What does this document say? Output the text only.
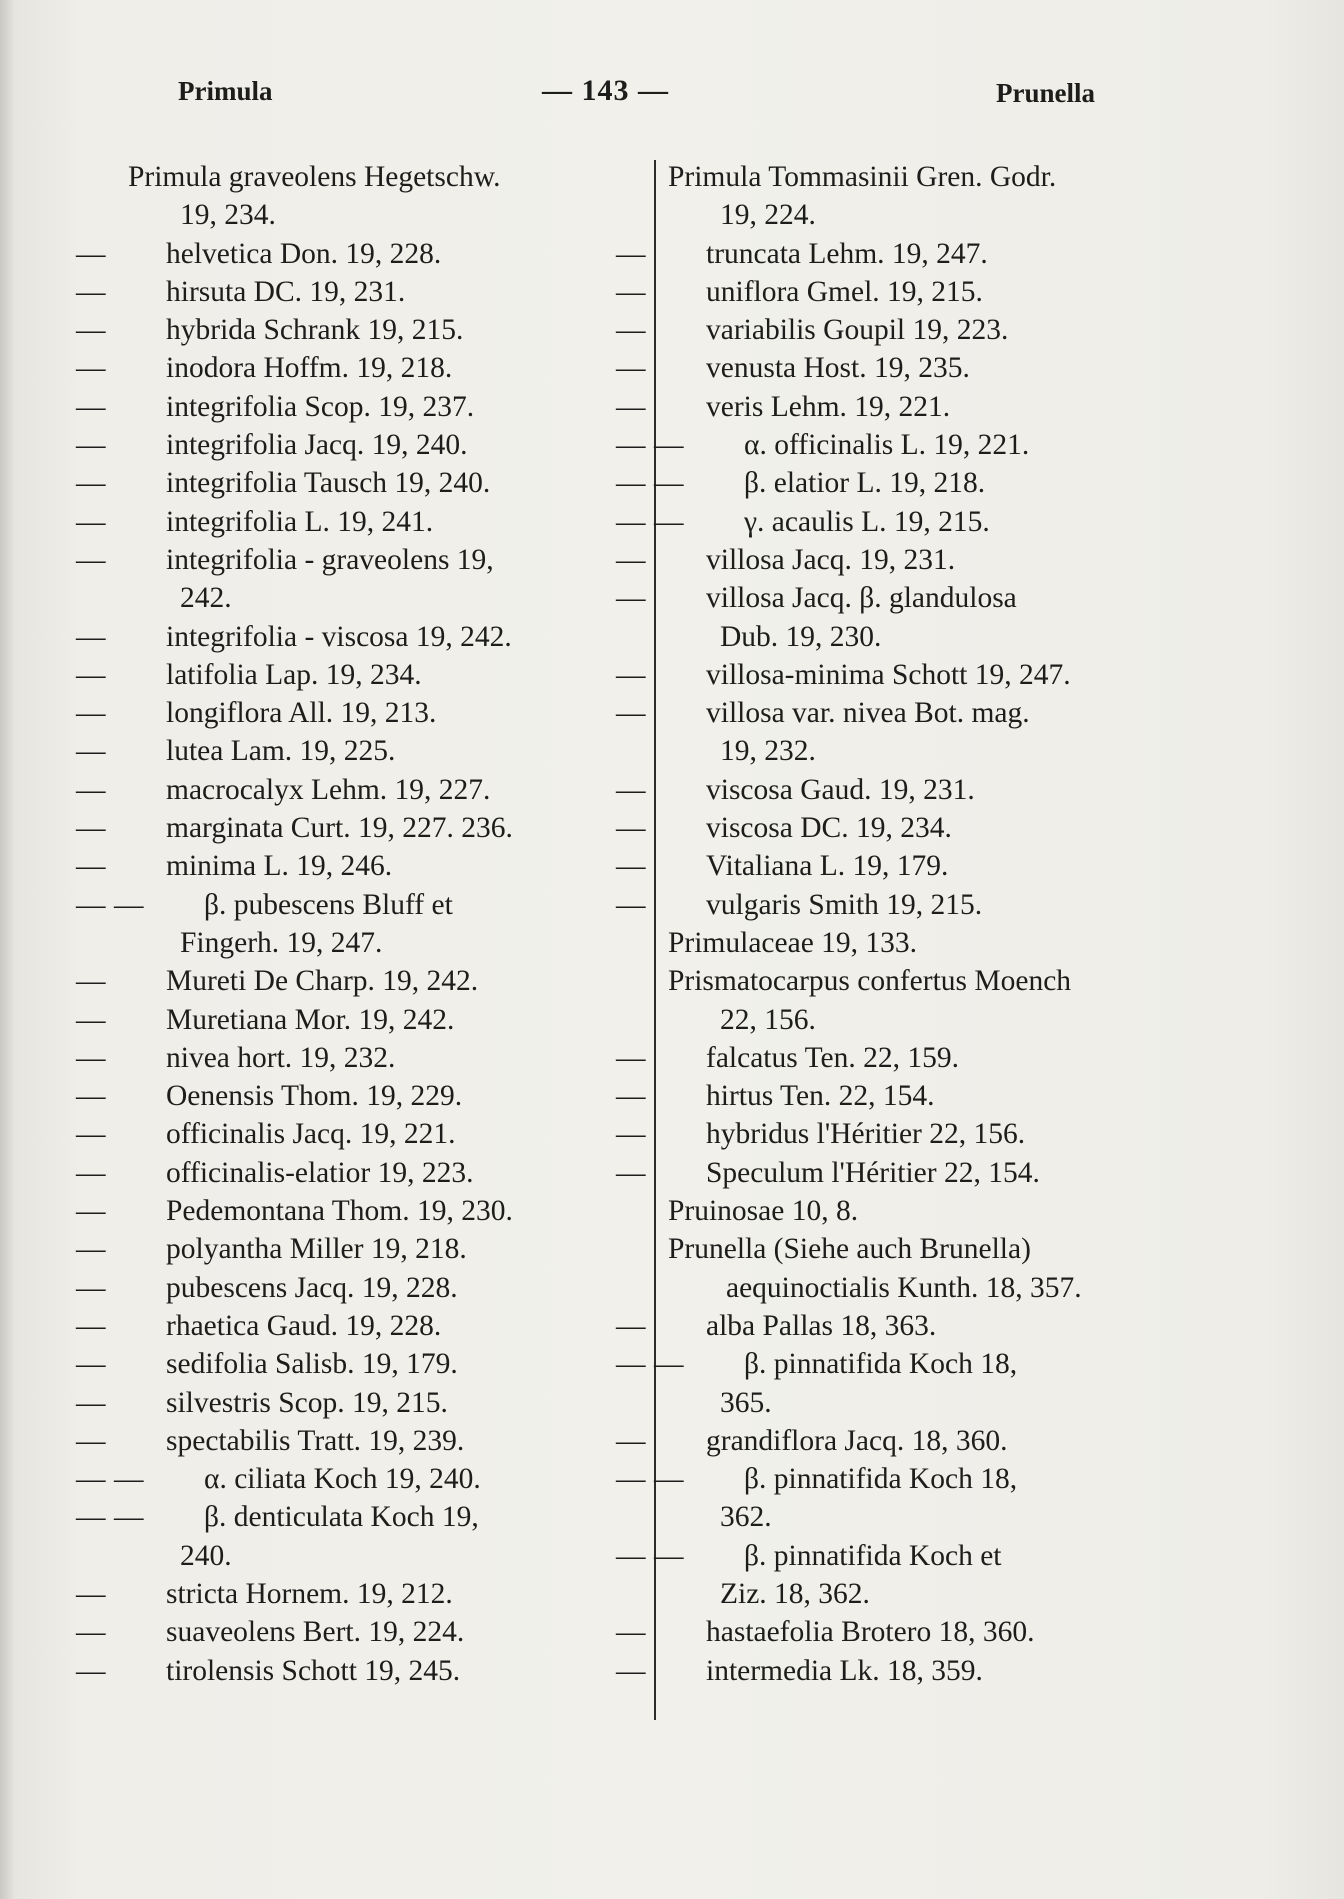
Primula	— 143 —	Prunella
Primula graveolens Hegetschw.
19, 234.
—helvetica Don. 19, 228.
—hirsuta DC. 19, 231.
—hybrida Schrank 19, 215.
—inodora Hoffm. 19, 218.
—integrifolia Scop. 19, 237.
—integrifolia Jacq. 19, 240.
—integrifolia Tausch 19, 240.
—integrifolia L. 19, 241.
—integrifolia - graveolens 19,
242.
—integrifolia - viscosa 19, 242.
—latifolia Lap. 19, 234.
—longiflora All. 19, 213.
—lutea Lam. 19, 225.
—macrocalyx Lehm. 19, 227.
—marginata Curt. 19, 227. 236.
—minima L. 19, 246.
——β. pubescens Bluff et
Fingerh. 19, 247.
—Mureti De Charp. 19, 242.
—Muretiana Mor. 19, 242.
—nivea hort. 19, 232.
—Oenensis Thom. 19, 229.
—officinalis Jacq. 19, 221.
—officinalis-elatior 19, 223.
—Pedemontana Thom. 19, 230.
—polyantha Miller 19, 218.
—pubescens Jacq. 19, 228.
—rhaetica Gaud. 19, 228.
—sedifolia Salisb. 19, 179.
—silvestris Scop. 19, 215.
—spectabilis Tratt. 19, 239.
——α. ciliata Koch 19, 240.
——β. denticulata Koch 19,
240.
—stricta Hornem. 19, 212.
—suaveolens Bert. 19, 224.
—tirolensis Schott 19, 245.
Primula Tommasinii Gren. Godr.
19, 224.
—truncata Lehm. 19, 247.
—uniflora Gmel. 19, 215.
—variabilis Goupil 19, 223.
—venusta Host. 19, 235.
—veris Lehm. 19, 221.
——α. officinalis L. 19, 221.
——β. elatior L. 19, 218.
——γ. acaulis L. 19, 215.
—villosa Jacq. 19, 231.
—villosa Jacq. β. glandulosa
Dub. 19, 230.
—villosa-minima Schott 19, 247.
—villosa var. nivea Bot. mag.
19, 232.
—viscosa Gaud. 19, 231.
—viscosa DC. 19, 234.
—Vitaliana L. 19, 179.
—vulgaris Smith 19, 215.
Primulaceae 19, 133.
Prismatocarpus confertus Moench
22, 156.
—falcatus Ten. 22, 159.
—hirtus Ten. 22, 154.
—hybridus l'Héritier 22, 156.
—Speculum l'Héritier 22, 154.
Pruinosae 10, 8.
Prunella (Siehe auch Brunella)
aequinoctialis Kunth. 18, 357.
—alba Pallas 18, 363.
——β. pinnatifida Koch 18,
365.
—grandiflora Jacq. 18, 360.
——β. pinnatifida Koch 18,
362.
——β. pinnatifida Koch et
Ziz. 18, 362.
—hastaefolia Brotero 18, 360.
—intermedia Lk. 18, 359.
